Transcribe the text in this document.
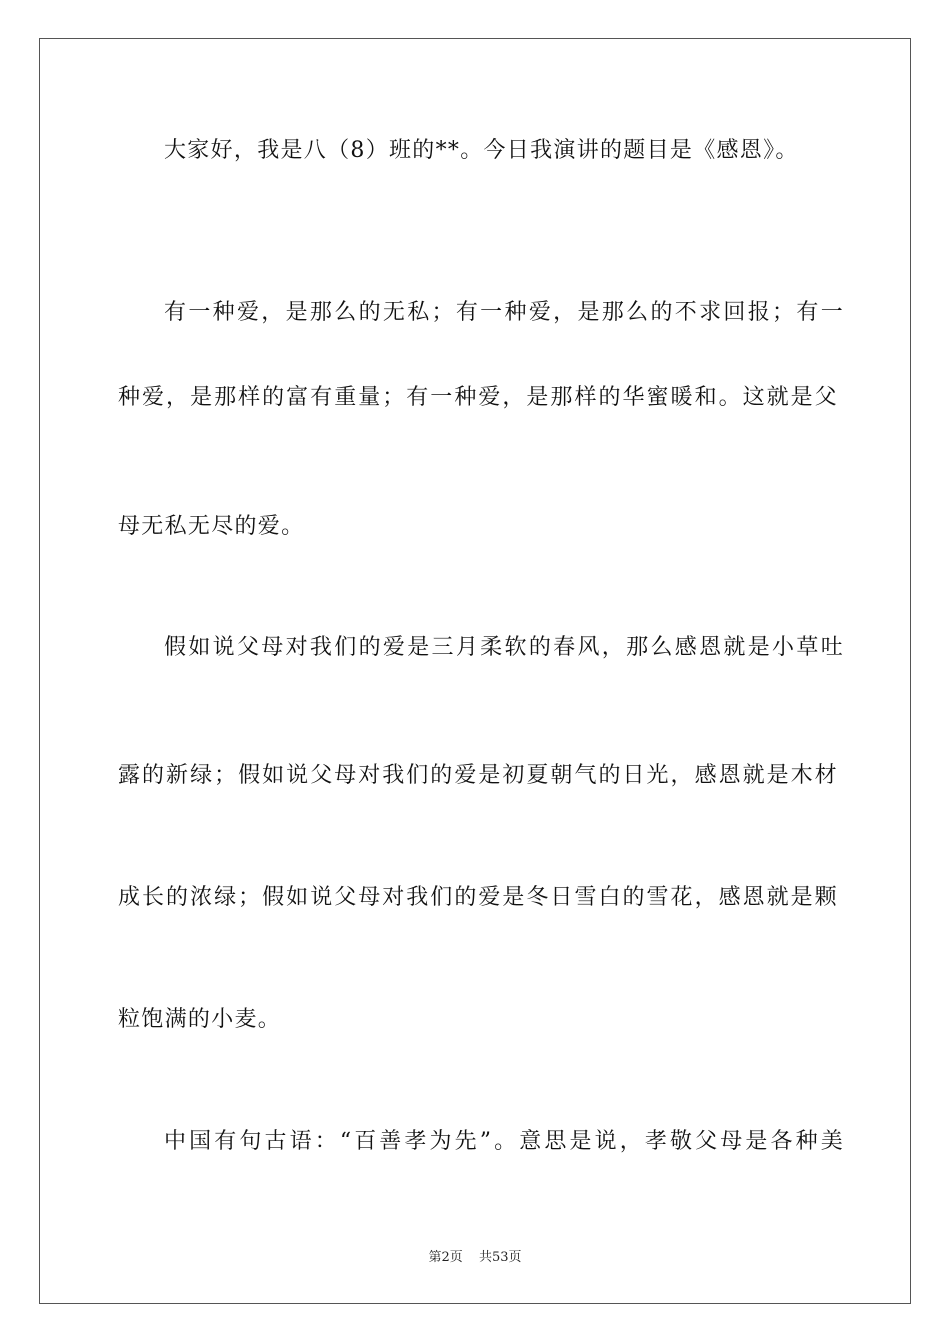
大家好，我是八（8）班的**。今日我演讲的题目是《感恩》。
有一种爱，是那么的无私；有一种爱，是那么的不求回报；有一
种爱，是那样的富有重量；有一种爱，是那样的华蜜暖和。这就是父
母无私无尽的爱。
假如说父母对我们的爱是三月柔软的春风，那么感恩就是小草吐
露的新绿；假如说父母对我们的爱是初夏朝气的日光，感恩就是木材
成长的浓绿；假如说父母对我们的爱是冬日雪白的雪花，感恩就是颗
粒饱满的小麦。
中国有句古语：“百善孝为先”。意思是说，孝敬父母是各种美
第2页 共53页
